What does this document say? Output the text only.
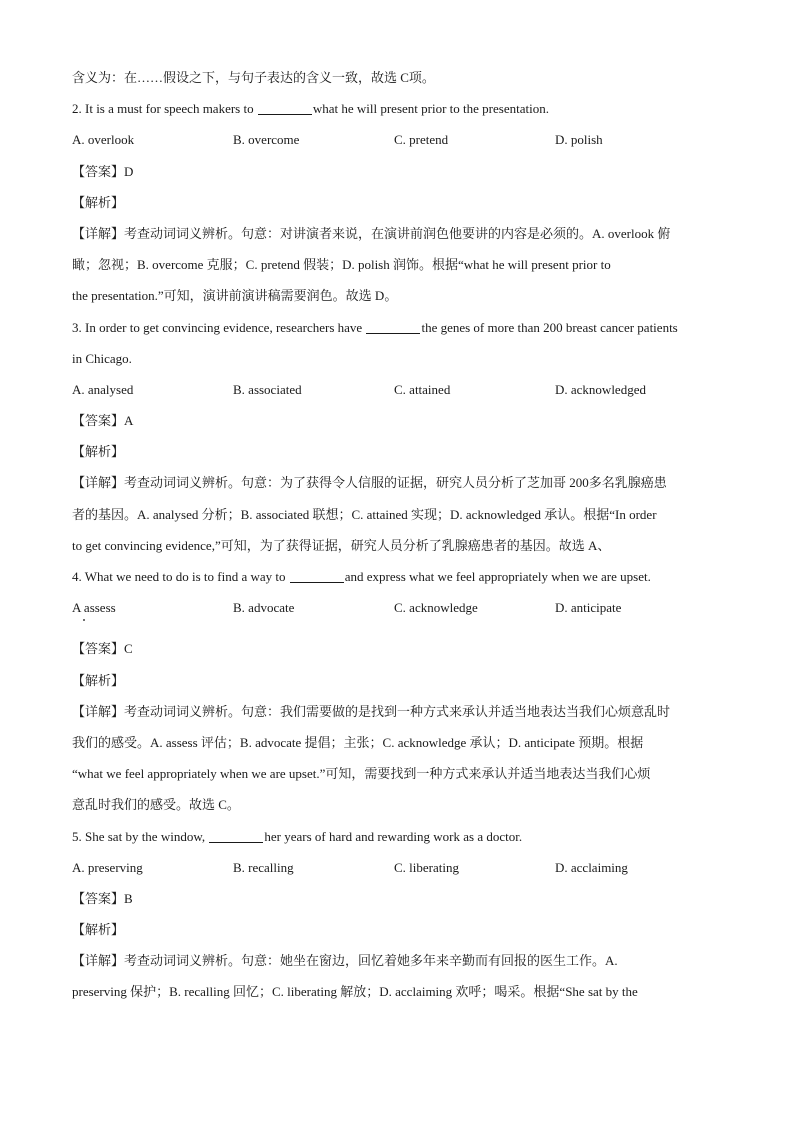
含义为：在……假设之下，与句子表达的含义一致，故选 C项。
2. It is a must for speech makers to	what he will present prior to the presentation.
A. overlook	B. overcome	C. pretend	D. polish
【答案】D
【解析】
【详解】考查动词词义辨析。句意：对讲演者来说，在演讲前润色他要讲的内容是必须的。A. overlook 俯
瞰；忽视；B. overcome 克服；C. pretend 假装；D. polish 润饰。根据“what he will present prior to
the presentation.”可知，演讲前演讲稿需要润色。故选 D。
3. In order to get convincing evidence, researchers have	the genes of more than 200 breast cancer patients
in Chicago.
A. analysed	B. associated	C. attained	D. acknowledged
【答案】A
【解析】
【详解】考查动词词义辨析。句意：为了获得令人信服的证据，研究人员分析了芝加哥 200多名乳腺癌患
者的基因。A. analysed 分析；B. associated 联想；C. attained 实现；D. acknowledged 承认。根据“In order
to get convincing evidence,”可知，为了获得证据，研究人员分析了乳腺癌患者的基因。故选 A、
4. What we need to do is to find a way to	and express what we feel appropriately when we are upset.
A assess	B. advocate	C. acknowledge	D. anticipate
【答案】C
【解析】
【详解】考查动词词义辨析。句意：我们需要做的是找到一种方式来承认并适当地表达当我们心烦意乱时
我们的感受。A. assess 评估；B. advocate 提倡；主张；C. acknowledge 承认；D. anticipate 预期。根据
“what we feel appropriately when we are upset.”可知，需要找到一种方式来承认并适当地表达当我们心烦
意乱时我们的感受。故选 C。
5. She sat by the window,	her years of hard and rewarding work as a doctor.
A. preserving	B. recalling	C. liberating	D. acclaiming
【答案】B
【解析】
【详解】考查动词词义辨析。句意：她坐在窗边，回忆着她多年来辛勤而有回报的医生工作。A.
preserving 保护；B. recalling 回忆；C. liberating 解放；D. acclaiming 欢呼；喝采。根据“She sat by the
